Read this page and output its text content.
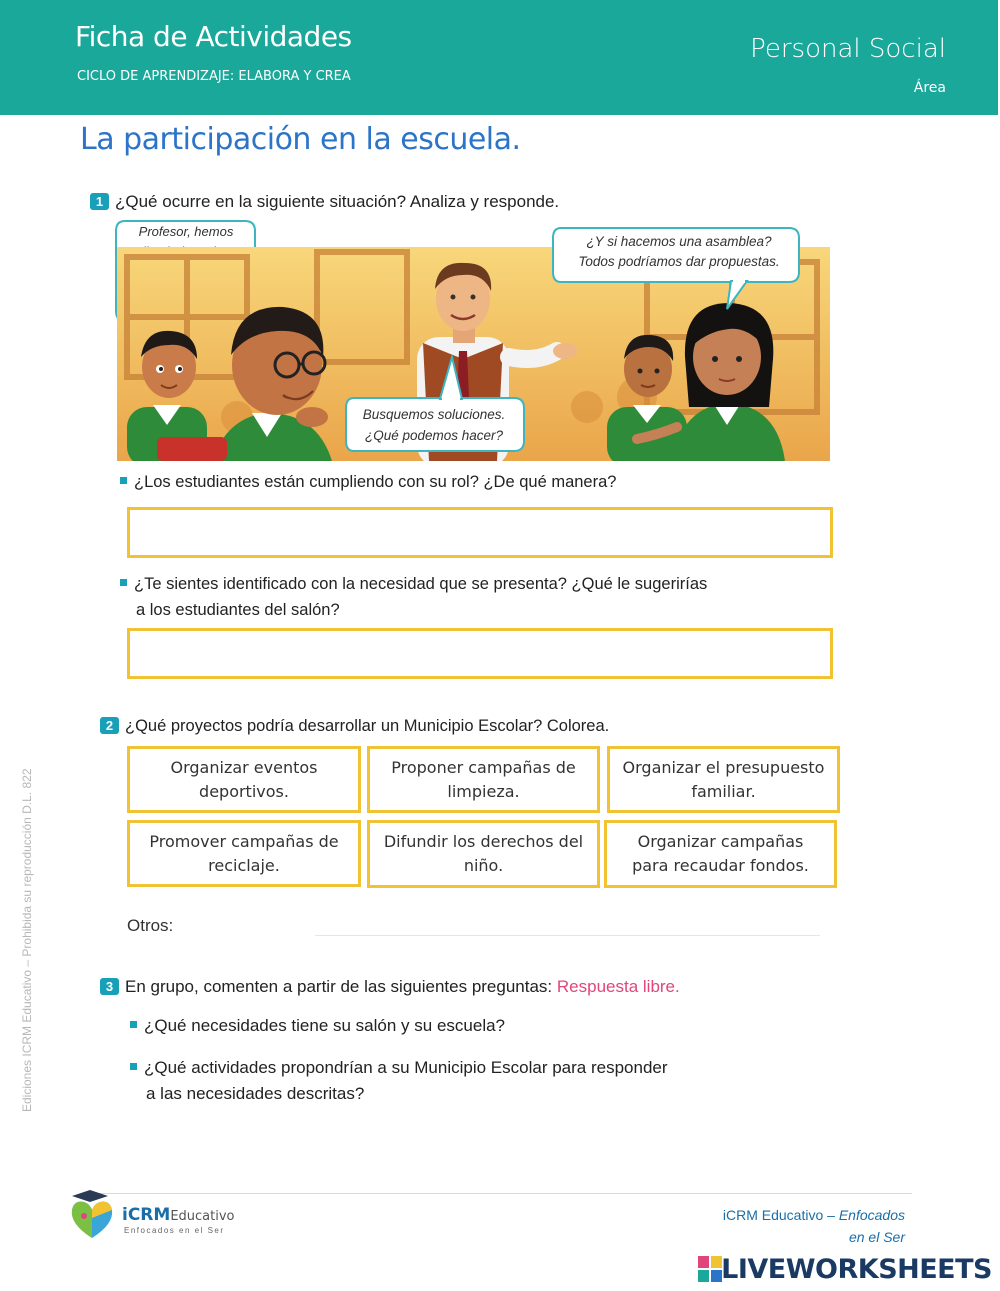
Ficha de Actividades
CICLO DE APRENDIZAJE: ELABORA Y CREA
Personal Social
Área
La participación en la escuela.
Ediciones ICRM Educativo – Prohibida su reproducción D.L. 822
1 ¿Qué ocurre en la siguiente situación? Analiza y responde.
Profesor, hemos
¿Y si hacemos una asamblea?
Todos podríamos dar propuestas.
Busquemos soluciones.
¿Qué podemos hacer?
¿Los estudiantes están cumpliendo con su rol? ¿De qué manera?
¿Te sientes identificado con la necesidad que se presenta? ¿Qué le sugerirías
a los estudiantes del salón?
2 ¿Qué proyectos podría desarrollar un Municipio Escolar? Colorea.
Organizar eventos deportivos.
Proponer campañas de limpieza.
Organizar el presupuesto familiar.
Promover campañas de reciclaje.
Difundir los derechos del niño.
Organizar campañas para recaudar fondos.
Otros:
3 En grupo, comenten a partir de las siguientes preguntas: Respuesta libre.
¿Qué necesidades tiene su salón y su escuela?
¿Qué actividades propondrían a su Municipio Escolar para responder
a las necesidades descritas?
iCRMEducativo
Enfocados en el Ser
iCRM Educativo – Enfocados
en el Ser
LIVEWORKSHEETS
